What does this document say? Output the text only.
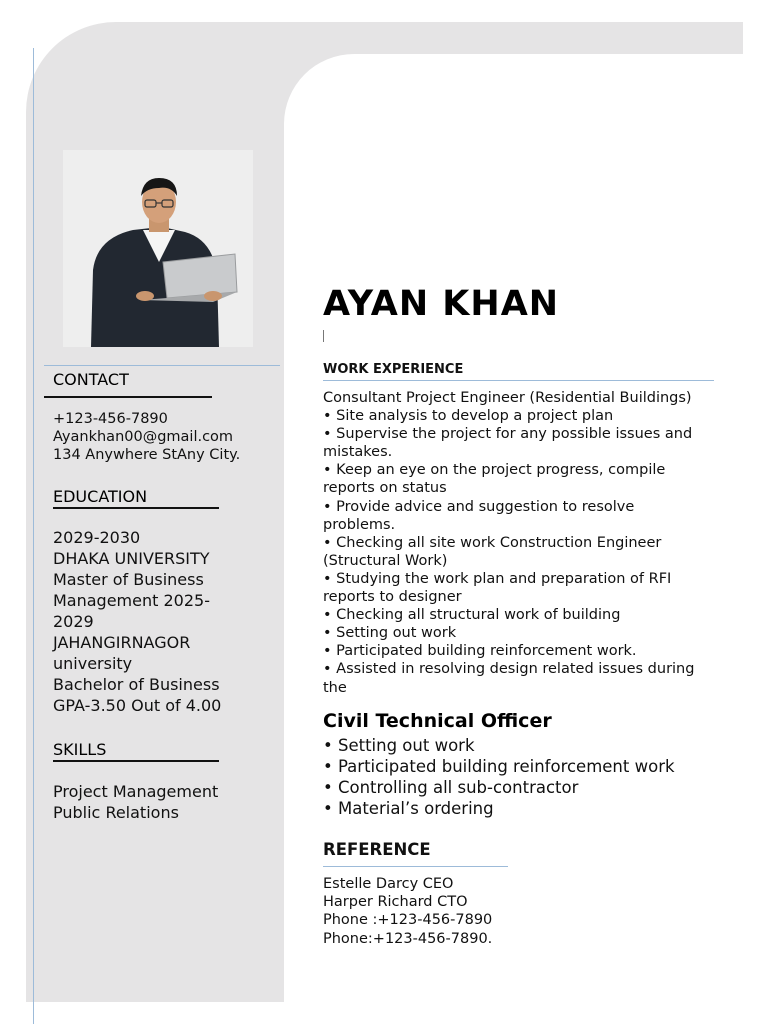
CONTACT
+123-456-7890
Ayankhan00@gmail.com
134 Anywhere StAny City.
EDUCATION
2029-2030
DHAKA UNIVERSITY
Master of Business
Management 2025-
2029
JAHANGIRNAGOR
university
Bachelor of Business
GPA-3.50 Out of 4.00
SKILLS
Project Management
Public Relations
AYAN KHAN
WORK EXPERIENCE
Consultant Project Engineer (Residential Buildings)
• Site analysis to develop a project plan
• Supervise the project for any possible issues and
mistakes.
• Keep an eye on the project progress, compile
reports on status
• Provide advice and suggestion to resolve
problems.
• Checking all site work Construction Engineer
(Structural Work)
• Studying the work plan and preparation of RFI
reports to designer
• Checking all structural work of building
• Setting out work
• Participated building reinforcement work.
• Assisted in resolving design related issues during
the
Civil Technical Officer
• Setting out work
• Participated building reinforcement work
• Controlling all sub-contractor
• Material’s ordering
REFERENCE
Estelle Darcy CEO
Harper Richard CTO
Phone :+123-456-7890
Phone:+123-456-7890.
